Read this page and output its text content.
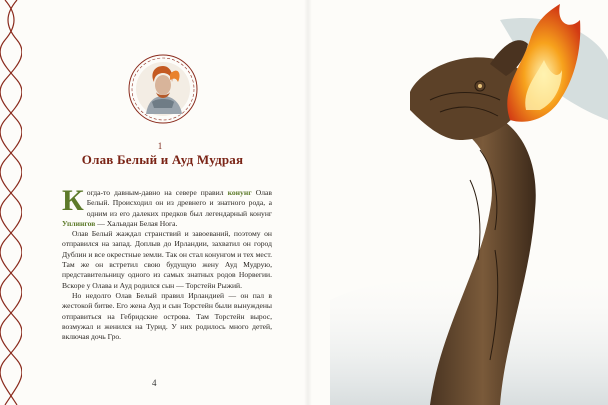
1
Олав Белый и Ауд Мудрая

Когда-то давным-давно на севере правил конунг Олав Белый. Происходил он из древнего и знатного рода, а одним из его далеких предков был легендарный конунг Уплингов — Хальвдан Белая Нога.

Олав Белый жаждал странствий и завоеваний, поэтому он отправился на запад. Доплыв до Ирландии, захватил он город Дублин и все окрестные земли. Так он стал конунгом и тех мест. Там же он встретил свою будущую жену Ауд Мудрую, представительницу одного из самых знатных родов Норвегии. Вскоре у Олава и Ауд родился сын — Торстейн Рыжий.

Но недолго Олав Белый правил Ирландией — он пал в жестокой битве. Его жена Ауд и сын Торстейн были вынуждены отправиться на Гебридские острова. Там Торстейн вырос, возмужал и женился на Турид. У них родилось много детей, включая дочь Гро.

4
